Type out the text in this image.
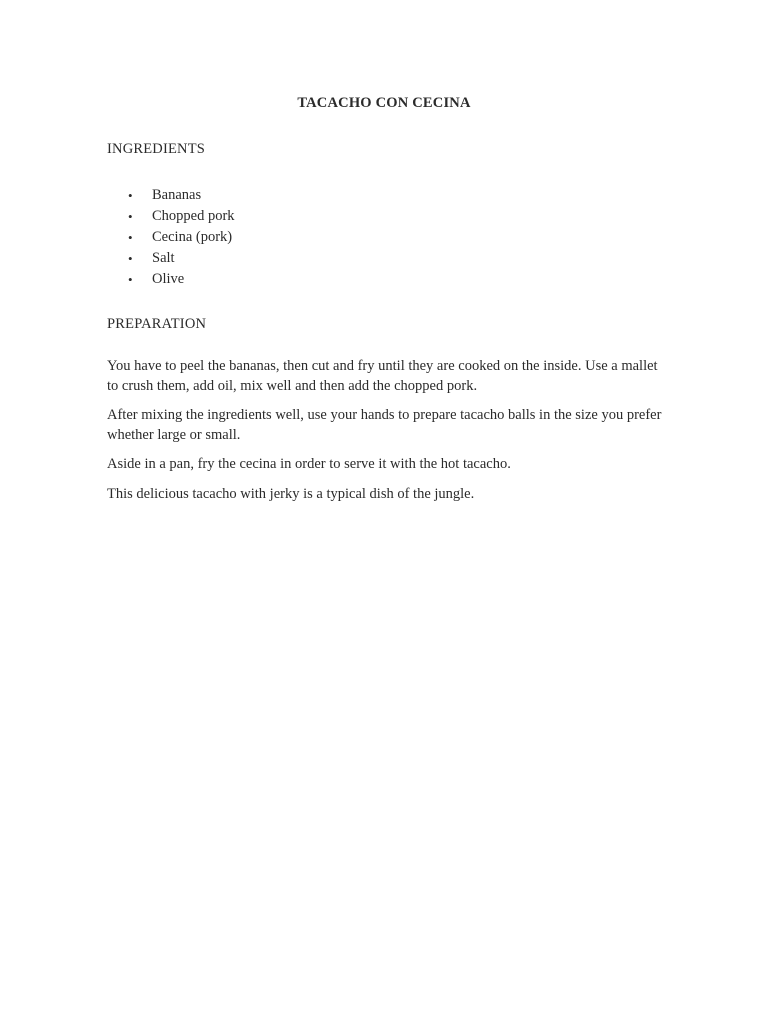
TACACHO CON CECINA
INGREDIENTS
• Bananas
• Chopped pork
• Cecina (pork)
• Salt
• Olive
PREPARATION

You have to peel the bananas, then cut and fry until they are cooked on the inside. Use a mallet to crush them, add oil, mix well and then add the chopped pork.

After mixing the ingredients well, use your hands to prepare tacacho balls in the size you prefer whether large or small.

Aside in a pan, fry the cecina in order to serve it with the hot tacacho.

This delicious tacacho with jerky is a typical dish of the jungle.
